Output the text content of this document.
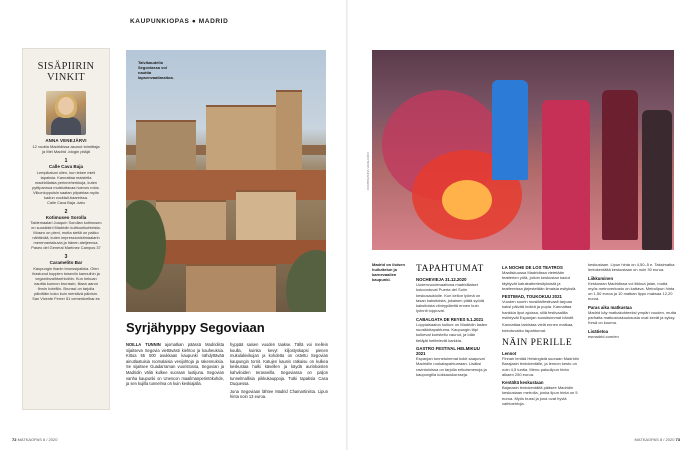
KAUPUNKIOPAS ● MADRID
SISÄPIIRIN VINKIT
ANNA VENEJÄRVI
12 vuotta Madridissa asunut toimittaja ja Mei Madrid -blogin pitäjä
1
Calle Cava Baja
Lempikatuni ollen, kun tekee mieli tapaksia. Kannattaa maistella madridilaisia perinneherkkuja, kuten pyttipannua muistuttavaa huevos rotos. Viikonloppuisin saatan piipahtaa myös kadun cocktail-baareissa.
Calle Cava Baja -katu
2
Kotimuseo Sorolla
Taidemaalari Joaquín Sorollan kotimuseo on suosikkini Madridin kulttuurikohteista. Museo on pieni, mutta sieltä on pakko nähtävää, kuten impressionistimaalarin merenrantakuvia ja hänen ateljeensa.
Paseo del General Martínez Campos 37
3
Caramelito Bar
Kaupungin ihanin brunssipaikka. Olen ihastunut kuppien toiseviin kannuihin ja veganiinvaihtoehtoihin. Kun hekuan nauttia kunnon brunssin, tilaan aaron finnin hotelliin. Brunssi on tarjolla päivittäin koko kuin mentävä päivisin.
San Vicente Ferrer 51 cementcelbar.es
Talvikaudella Segoviassa voi nauttia lapsenvaatimaitoa.
Madrid on iloisen hulluttelun ja karnevaalien kaupunki.
CORBIS/ANNA VENEJÄRVI
Syrjähyppy Segoviaan
NOILLA TUNNIN ajomatkan päässä Madridista sijaitseva Segovia viettävästi kiehtoo ja kauheuksia. Kittoa 55 000 asukkaan kaupunki nähdyttävää ainutlaatuisia roomalaisia vesijohtoja ja rakennuksia. Se sijaitsee Guadarraman vuoristossa, Segovian ja Madridin väliä kulkee suoraan luotijuna. Segovian vanha kaupunki on Unescon maailmanperintökohde, ja sen kujilla tunnelma on kuin keskiajalla.
hyppää saisen vuoden taakse. Tällä voi mellein kuulla, kuinka kevyt kiljostyskapsi pienen mukulakivikujan ja kohdetta on ostettu Segovian kaupungin tornit. Katujen kaunis ratkaisu on kulkea keskustaa halki kävellen ja käydä aurinkoisten kahviloiden terasseilla. Segoviassa on paljon tunnelmallisia pikkukauppoja. Tutki tapaksia Casa Duquessa.
Juna Segoviaan lähtee Madrid Chamartinista. Lipun hinta noin 13 euroa.
TAPAHTUMAT
NOCHEVIEJA 31.12.2020
Uudenvuodenaattona madridilaiset kokoontuvat Puerta del Solin keskusaukiolle. Kun kellon lyömä on tasan kaksitoista, jokaisen pitää syödä kaksitoista viinirypälettä ennen kuin lyönnit loppuvat.
CABALGATA DE REYES 5.1.2021
Loppiaisaaton kulkue on Madridin lasten suosikkitapahtuma. Kaupungin läpi kulkevat koristeltu vaunut, ja Idän tietäjät heittelevät karkkia.
GASTRO FESTIVAL HELMIKUU 2021
Espanjan tunnetuimmat kokit saapuvat Madridiin ruokatapahtumaan. Lisäksi ravintoloissa on tarjolla erikoismenuja ja kaupungilla kokkauskursseja.
LA NOCHE DE LOS TEATROS
Maaliskuussa Madridissa vietetään teatterien yötä, jolloin keskustan kadut täyttyvät katuteatteriesityksistä ja teattereissa järjestetään ilmaisia esityksiä.
FESTIMAD, TOUKOKUU 2021
Vuoden suurin musiikkifestivaali tarjoaa kaksi päivää indieä ja popia. Kannattaa hankkia liput ajoissa, sillä festivaalilla esiintyvät Espanjan suosituimmat bändit.
Kannattaa tarkistaa vielä ennen matkaa, toteutuvatko tapahtumat.
NÄIN PERILLE
Lennot
Finnair lentää Helsingistä suoraan Madridin Barajasin lentokentälle, ja lennon kesto on noin 4,5 tuntia. Meno-paluulipun hinta alkaen 250 euroa.
Kentältä keskustaan
Bajarasin lentokentältä pääsee Madridin keskustaan metrolla, jonka lipun hinta on 5 euroa. Myös bussi ja juna ovat hyviä vaihtoehtoja.
keskustaan. Lipun hinta on 4,50–5 e. Taksimatka lentokentältä keskustaan on noin 30 euroa.
Liikkuminen
Keskustan Madridissa voi liikkua jalan, mutta myös metroverkosto on kattava. Metrolipun hinta on 1,50 euroa ja 10 matkan lippu maksaa 12,20 euroa.
Paras aika matkustaa
Madrid käy matkakohteeksi ympäri vuoden, mutta parhaita matkustuskuukausia ovat kevät ja syksy. Kesä on kuuma.
Lisätietoa
esmadrid.com/en
72 MATKAOPAS 8 / 2020	MATKAOPAS 8 / 2020 73
